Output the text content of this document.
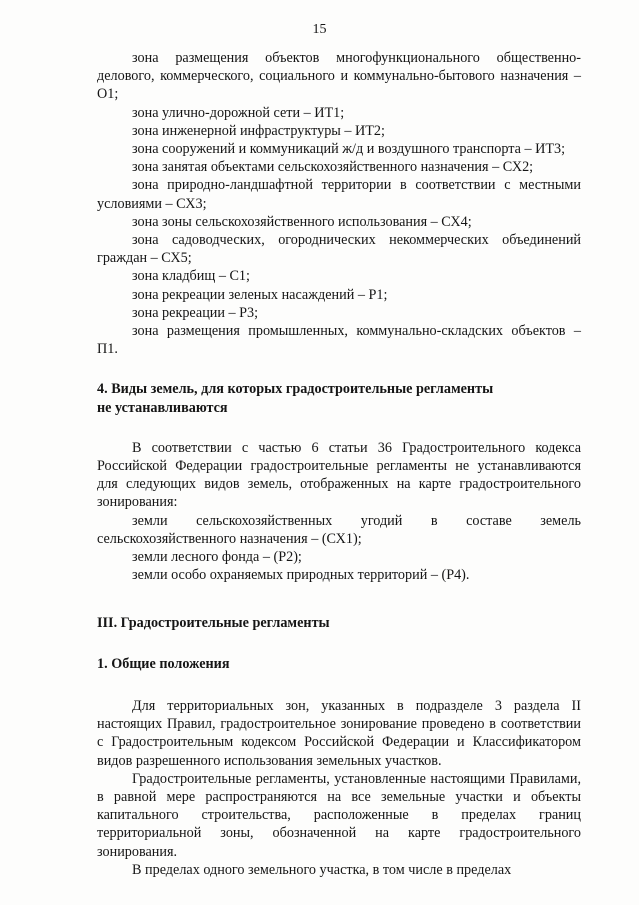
15

зона размещения объектов многофункционального общественно-делового, коммерческого, социального и коммунально-бытового назначения – О1;

зона улично-дорожной сети – ИТ1;

зона инженерной инфраструктуры – ИТ2;

зона сооружений и коммуникаций ж/д и воздушного транспорта – ИТ3;

зона занятая объектами сельскохозяйственного назначения – СХ2;

зона природно-ландшафтной территории в соответствии с местными условиями – СХ3;

зона зоны сельскохозяйственного использования – СХ4;

зона садоводческих, огороднических некоммерческих объединений граждан – СХ5;

зона кладбищ – С1;

зона рекреации зеленых насаждений – Р1;

зона рекреации – Р3;

зона размещения промышленных, коммунально-складских объектов – П1.

4. Виды земель, для которых градостроительные регламенты
не устанавливаются

В соответствии с частью 6 статьи 36 Градостроительного кодекса Российской Федерации градостроительные регламенты не устанавливаются для следующих видов земель, отображенных на карте градостроительного зонирования:

земли сельскохозяйственных угодий в составе земель сельскохозяйственного назначения – (СХ1);

земли лесного фонда – (Р2);

земли особо охраняемых природных территорий – (Р4).

III. Градостроительные регламенты

1. Общие положения

Для территориальных зон, указанных в подразделе 3 раздела II настоящих Правил, градостроительное зонирование проведено в соответствии с Градостроительным кодексом Российской Федерации и Классификатором видов разрешенного использования земельных участков.

Градостроительные регламенты, установленные настоящими Правилами, в равной мере распространяются на все земельные участки и объекты капитального строительства, расположенные в пределах границ территориальной зоны, обозначенной на карте градостроительного зонирования.

В пределах одного земельного участка, в том числе в пределах
